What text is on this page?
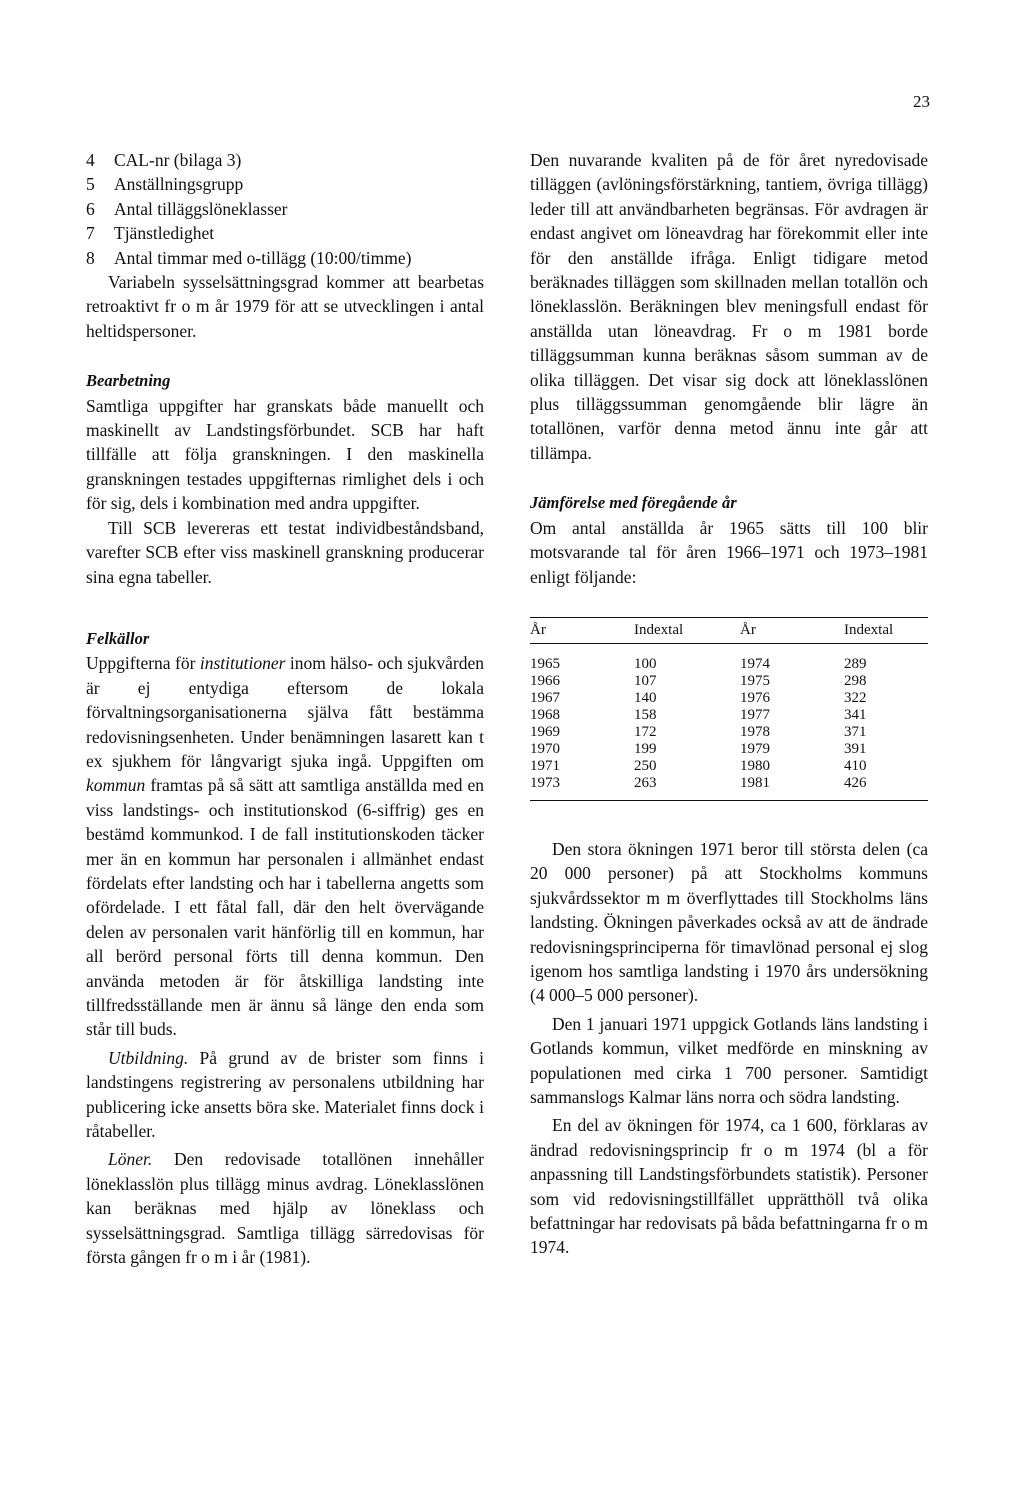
23
4	CAL-nr (bilaga 3)
5	Anställningsgrupp
6	Antal tilläggslöneklasser
7	Tjänstledighet
8	Antal timmar med o-tillägg (10:00/timme)

Variabeln sysselsättningsgrad kommer att bearbetas retroaktivt fr o m år 1979 för att se utvecklingen i antal heltidspersoner.

Bearbetning

Samtliga uppgifter har granskats både manuellt och maskinellt av Landstingsförbundet. SCB har haft tillfälle att följa granskningen. I den maskinella granskningen testades uppgifternas rimlighet dels i och för sig, dels i kombination med andra uppgifter.

Till SCB levereras ett testat individbeståndsband, varefter SCB efter viss maskinell granskning producerar sina egna tabeller.

Felkällor

Uppgifterna för institutioner inom hälso- och sjukvården är ej entydiga eftersom de lokala förvaltningsorganisationerna själva fått bestämma redovisningsenheten. Under benämningen lasarett kan t ex sjukhem för långvarigt sjuka ingå. Uppgiften om kommun framtas på så sätt att samtliga anställda med en viss landstings- och institutionskod (6-siffrig) ges en bestämd kommunkod. I de fall institutionskoden täcker mer än en kommun har personalen i allmänhet endast fördelats efter landsting och har i tabellerna angetts som ofördelade. I ett fåtal fall, där den helt övervägande delen av personalen varit hänförlig till en kommun, har all berörd personal förts till denna kommun. Den använda metoden är för åtskilliga landsting inte tillfredsställande men är ännu så länge den enda som står till buds.

Utbildning. På grund av de brister som finns i landstingens registrering av personalens utbildning har publicering icke ansetts böra ske. Materialet finns dock i råtabeller.

Löner. Den redovisade totallönen innehåller löneklasslön plus tillägg minus avdrag. Löneklasslönen kan beräknas med hjälp av löneklass och sysselsättningsgrad. Samtliga tillägg särredovisas för första gången fr o m i år (1981).

Den nuvarande kvaliten på de för året nyredovisade tilläggen (avlöningsförstärkning, tantiem, övriga tillägg) leder till att användbarheten begränsas. För avdragen är endast angivet om löneavdrag har förekommit eller inte för den anställde ifråga. Enligt tidigare metod beräknades tilläggen som skillnaden mellan totallön och löneklasslön. Beräkningen blev meningsfull endast för anställda utan löneavdrag. Fr o m 1981 borde tilläggsumman kunna beräknas såsom summan av de olika tilläggen. Det visar sig dock att löneklasslönen plus tilläggssumman genomgående blir lägre än totallönen, varför denna metod ännu inte går att tillämpa.

Jämförelse med föregående år

Om antal anställda år 1965 sätts till 100 blir motsvarande tal för åren 1966–1971 och 1973–1981 enligt följande:

År	Indextal	År	Indextal
1965	100	1974	289
1966	107	1975	298
1967	140	1976	322
1968	158	1977	341
1969	172	1978	371
1970	199	1979	391
1971	250	1980	410
1973	263	1981	426

Den stora ökningen 1971 beror till största delen (ca 20 000 personer) på att Stockholms kommuns sjukvårdssektor m m överflyttades till Stockholms läns landsting. Ökningen påverkades också av att de ändrade redovisningsprinciperna för timavlönad personal ej slog igenom hos samtliga landsting i 1970 års undersökning (4 000–5 000 personer).

Den 1 januari 1971 uppgick Gotlands läns landsting i Gotlands kommun, vilket medförde en minskning av populationen med cirka 1 700 personer. Samtidigt sammanslogs Kalmar läns norra och södra landsting.

En del av ökningen för 1974, ca 1 600, förklaras av ändrad redovisningsprincip fr o m 1974 (bl a för anpassning till Landstingsförbundets statistik). Personer som vid redovisningstillfället upprätthöll två olika befattningar har redovisats på båda befattningarna fr o m 1974.
